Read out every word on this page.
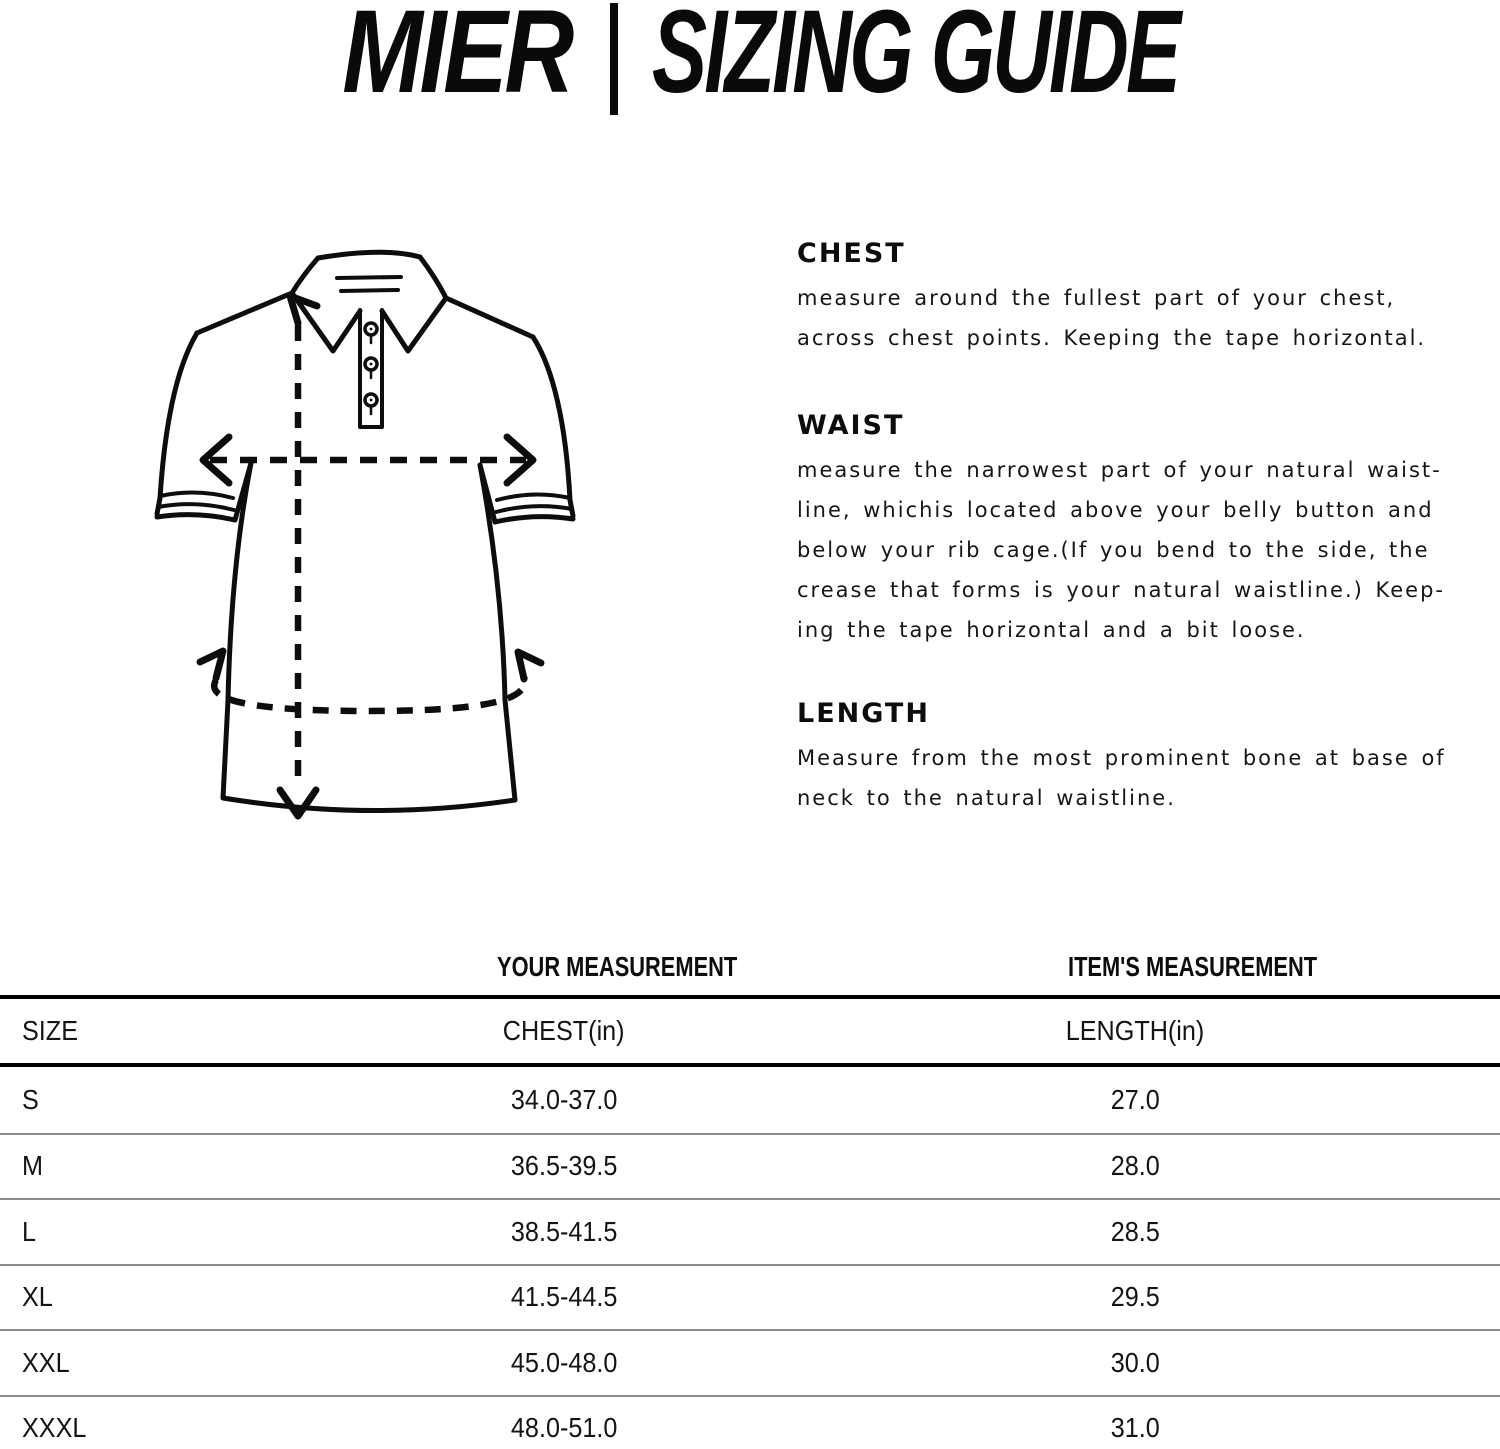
MIER SIZING GUIDE
CHEST

measure around the fullest part of your chest,
across chest points. Keeping the tape horizontal.

WAIST

measure the narrowest part of your natural waist-
line, whichis located above your belly button and
below your rib cage.(If you bend to the side, the
crease that forms is your natural waistline.) Keep-
ing the tape horizontal and a bit loose.

LENGTH

Measure from the most prominent bone at base of
neck to the natural waistline.

YOUR MEASUREMENT	ITEM'S MEASUREMENT
SIZE	CHEST(in)	LENGTH(in)
S	34.0-37.0	27.0
M	36.5-39.5	28.0
L	38.5-41.5	28.5
XL	41.5-44.5	29.5
XXL	45.0-48.0	30.0
XXXL	48.0-51.0	31.0
